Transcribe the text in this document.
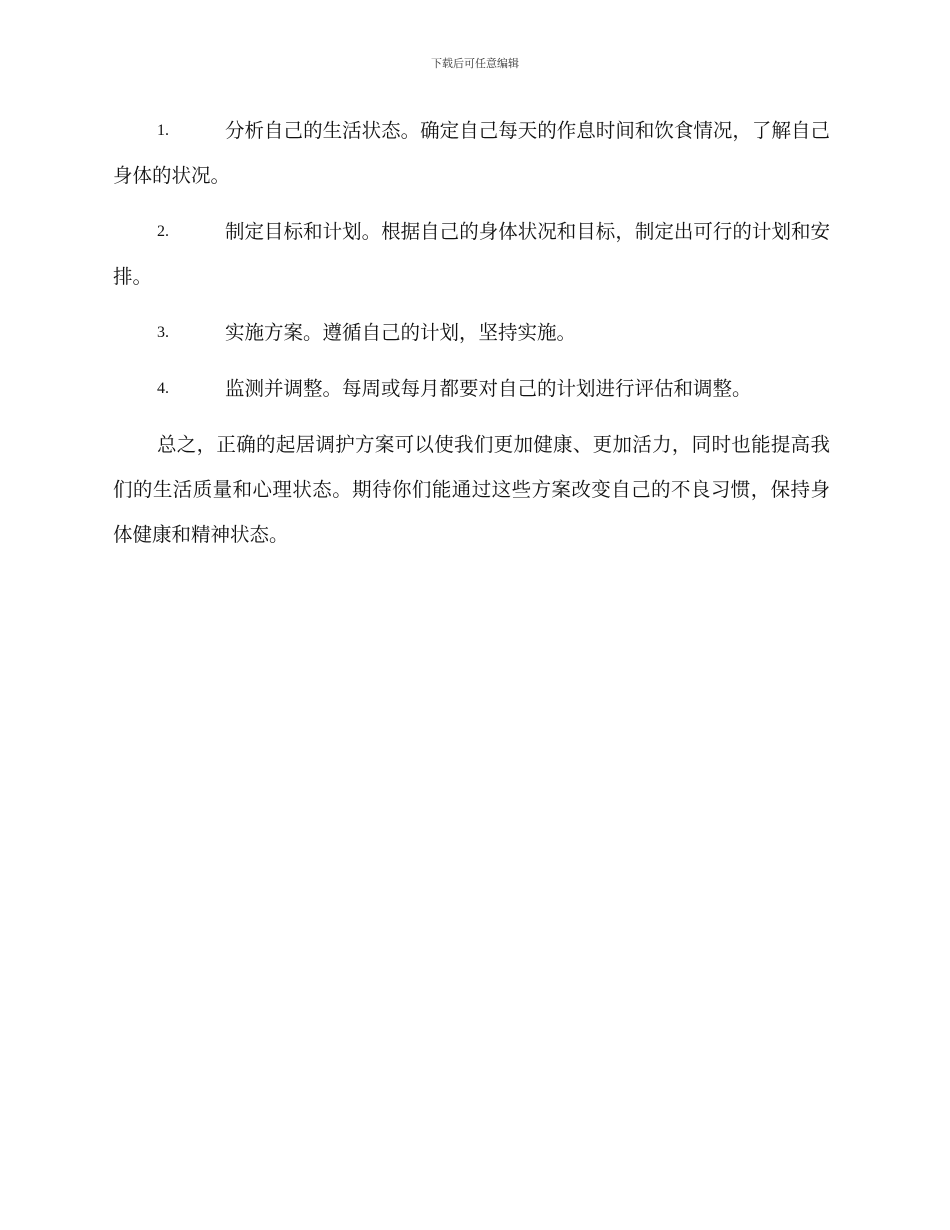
下载后可任意编辑
1.	分析自己的生活状态。确定自己每天的作息时间和饮食情况，了解自己身体的状况。
2.	制定目标和计划。根据自己的身体状况和目标，制定出可行的计划和安排。
3.	实施方案。遵循自己的计划，坚持实施。
4.	监测并调整。每周或每月都要对自己的计划进行评估和调整。

总之，正确的起居调护方案可以使我们更加健康、更加活力，同时也能提高我们的生活质量和心理状态。期待你们能通过这些方案改变自己的不良习惯，保持身体健康和精神状态。
